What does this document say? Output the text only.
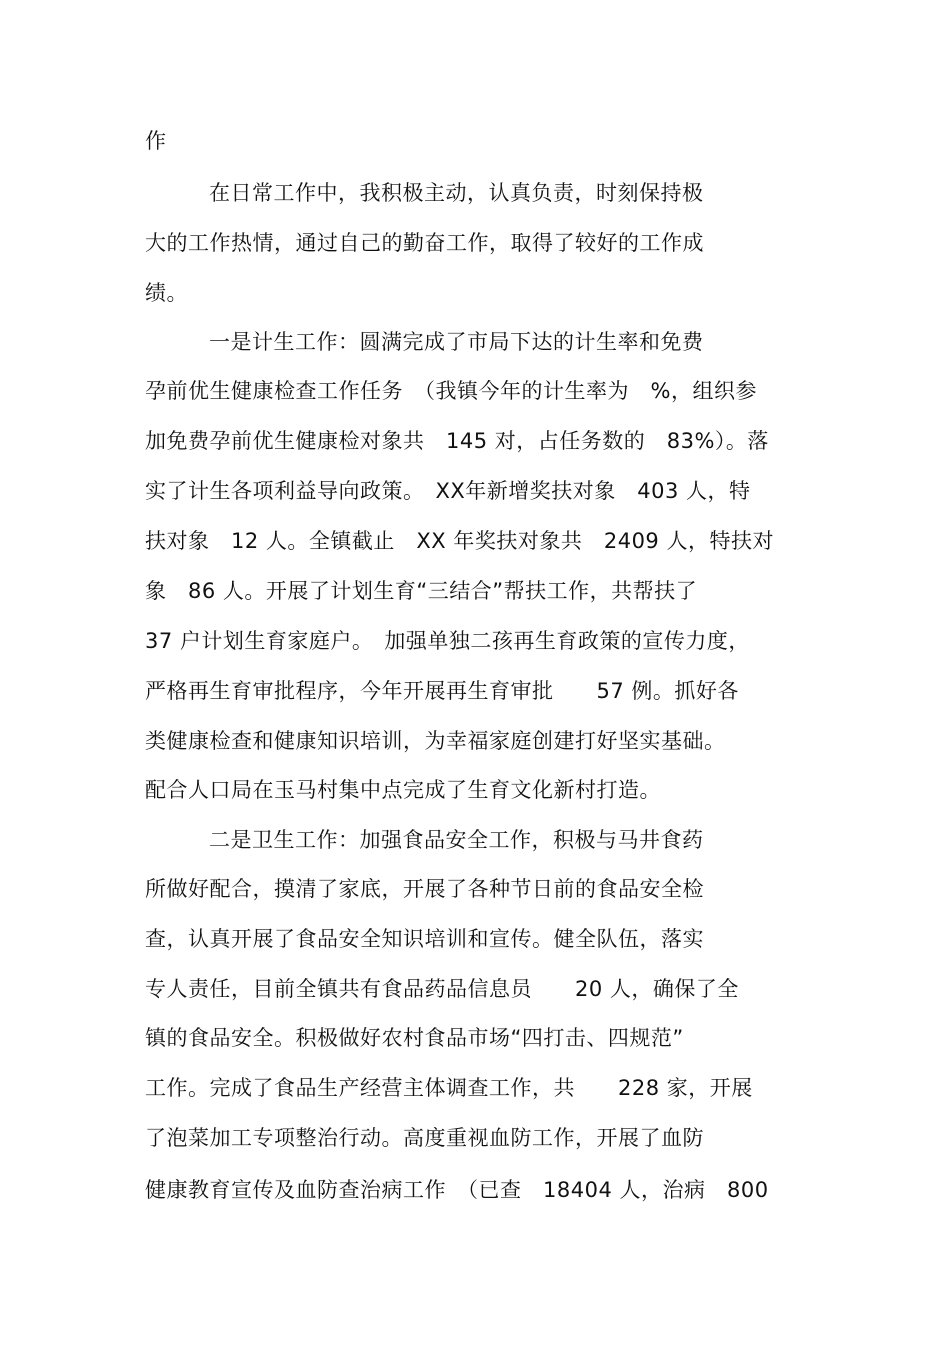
作
在日常工作中，我积极主动，认真负责，时刻保持极
大的工作热情，通过自己的勤奋工作，取得了较好的工作成
绩。
一是计生工作：圆满完成了市局下达的计生率和免费
孕前优生健康检查工作任务　（我镇今年的计生率为　%，组织参
加免费孕前优生健康检对象共　145 对，占任务数的　83%）。落
实了计生各项利益导向政策。　XX年新增奖扶对象　403 人，特
扶对象　12 人。全镇截止　XX 年奖扶对象共　2409 人，特扶对
象　86 人。开展了计划生育“三结合”帮扶工作，共帮扶了
37 户计划生育家庭户。　加强单独二孩再生育政策的宣传力度，
严格再生育审批程序，今年开展再生育审批　　57 例。抓好各
类健康检查和健康知识培训，为幸福家庭创建打好坚实基础。
配合人口局在玉马村集中点完成了生育文化新村打造。
二是卫生工作：加强食品安全工作，积极与马井食药
所做好配合，摸清了家底，开展了各种节日前的食品安全检
查，认真开展了食品安全知识培训和宣传。健全队伍，落实
专人责任，目前全镇共有食品药品信息员　　20 人，确保了全
镇的食品安全。积极做好农村食品市场“四打击、四规范”
工作。完成了食品生产经营主体调查工作，共　　228 家，开展
了泡菜加工专项整治行动。高度重视血防工作，开展了血防
健康教育宣传及血防查治病工作　（已查　18404 人，治病　800
